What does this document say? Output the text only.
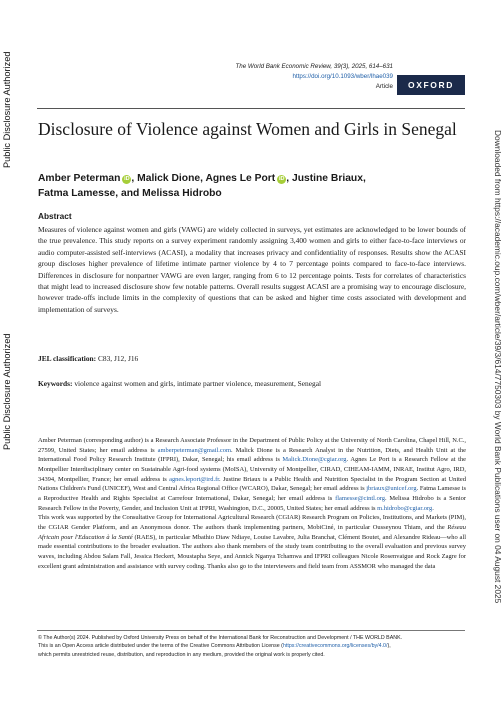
Public Disclosure Authorized
Public Disclosure Authorized	Downloaded from https://academic.oup.com/wber/article/39/3/614/7750303 by World Bank Publications user on 04 August 2025
The World Bank Economic Review, 39(3), 2025, 614–631
https://doi.org/10.1093/wber/lhae039
Article	OXFORD
Disclosure of Violence against Women and Girls in Senegal
Amber Peterman iD , Malick Dione, Agnes Le Port iD , Justine Briaux,
Fatma Lamesse, and Melissa Hidrobo
Abstract

Measures of violence against women and girls (VAWG) are widely collected in surveys, yet estimates are acknowledged to be lower bounds of the true prevalence. This study reports on a survey experiment randomly assigning 3,400 women and girls to either face-to-face interviews or audio computer-assisted self-interviews (ACASI), a modality that increases privacy and confidentiality of responses. Results show the ACASI group discloses higher prevalence of lifetime intimate partner violence by 4 to 7 percentage points compared to face-to-face interviews. Differences in disclosure for nonpartner VAWG are even larger, ranging from 6 to 12 percentage points. Tests for correlates of characteristics that might lead to increased disclosure show few notable patterns. Overall results suggest ACASI are a promising way to encourage disclosure, however trade-offs include limits in the complexity of questions that can be asked and higher time costs associated with development and implementation of surveys.

JEL classification: C83, J12, J16
Keywords: violence against women and girls, intimate partner violence, measurement, Senegal

Amber Peterman (corresponding author) is a Research Associate Professor in the Department of Public Policy at the University of North Carolina, Chapel Hill, N.C., 27599, United States; her email address is amberpeterman@gmail.com. Malick Dione is a Research Analyst in the Nutrition, Diets, and Health Unit at the International Food Policy Research Institute (IFPRI), Dakar, Senegal; his email address is Malick.Dione@cgiar.org. Agnes Le Port is a Research Fellow at the Montpellier Interdisciplinary center on Sustainable Agri-food systems (MoISA), University of Montpellier, CIRAD, CIHEAM-IAMM, INRAE, Institut Agro, IRD, 34394, Montpellier, France; her email address is agnes.leport@ird.fr. Justine Briaux is a Public Health and Nutrition Specialist in the Program Section at United Nations Children's Fund (UNICEF), West and Central Africa Regional Office (WCARO), Dakar, Senegal; her email address is jbriaux@unicef.org. Fatma Lamesse is a Reproductive Health and Rights Specialist at Carrefour International, Dakar, Senegal; her email address is flamesse@cintl.org. Melissa Hidrobo is a Senior Research Fellow in the Poverty, Gender, and Inclusion Unit at IFPRI, Washington, D.C., 20005, United States; her email address is m.hidrobo@cgiar.org.
This work was supported by the Consultative Group for International Agricultural Research (CGIAR) Research Program on Policies, Institutions, and Markets (PIM), the CGIAR Gender Platform, and an Anonymous donor. The authors thank implementing partners, MobiCiné, in particular Ousseynou Thiam, and the Réseau Africain pour l'Education à la Santé (RAES), in particular Mbathio Diaw Ndiaye, Louise Lavabre, Julia Branchat, Clément Boutet, and Alexandre Rideau—who all made essential contributions to the broader evaluation. The authors also thank members of the study team contributing to the overall evaluation and previous survey waves, including Abdou Salam Fall, Jessica Heckert, Moustapha Seye, and Annick Nganya Tchamwa and IFPRI colleagues Nicole Rosenvaigue and Rock Zagre for excellent grant administration and assistance with survey coding. Thanks also go to the interviewers and field team from ASSMOR who managed the data

© The Author(s) 2024. Published by Oxford University Press on behalf of the International Bank for Reconstruction and Development / THE WORLD BANK.
This is an Open Access article distributed under the terms of the Creative Commons Attribution License (https://creativecommons.org/licenses/by/4.0/),
which permits unrestricted reuse, distribution, and reproduction in any medium, provided the original work is properly cited.
